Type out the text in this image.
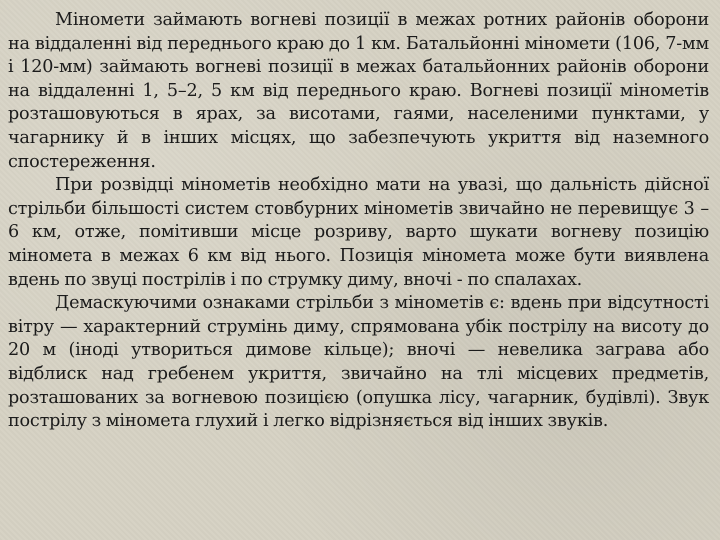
Міномети займають вогневі позиції в межах ротних районів оборони на віддаленні від переднього краю до 1 км. Батальйонні міномети (106, 7-мм і 120-мм) займають вогневі позиції в межах батальйонних районів оборони на віддаленні 1, 5–2, 5 км від переднього краю. Вогневі позиції мінометів розташовуються в ярах, за висотами, гаями, населеними пунктами, у чагарнику й в інших місцях, що забезпечують укриття від наземного спостереження.

При розвідці мінометів необхідно мати на увазі, що дальність дійсної стрільби більшості систем стовбурних мінометів звичайно не перевищує 3 –6 км, отже, помітивши місце розриву, варто шукати вогневу позицію мінометa в межах 6 км від нього. Позиція міномета може бути виявлена вдень по звуці пострілів і по струмку диму, вночі - по спалахах.

Демаскуючими ознаками стрільби з мінометів є: вдень при відсутності вітру — характерний струмінь диму, спрямована убік пострілу на висоту до 20 м (іноді утвориться димове кільце); вночі — невелика заграва або відблиск над гребенем укриття, звичайно на тлі місцевих предметів, розташованих за вогневою позицією (опушка лісу, чагарник, будівлі). Звук пострілу з міномета глухий і легко відрізняється від інших звуків.
